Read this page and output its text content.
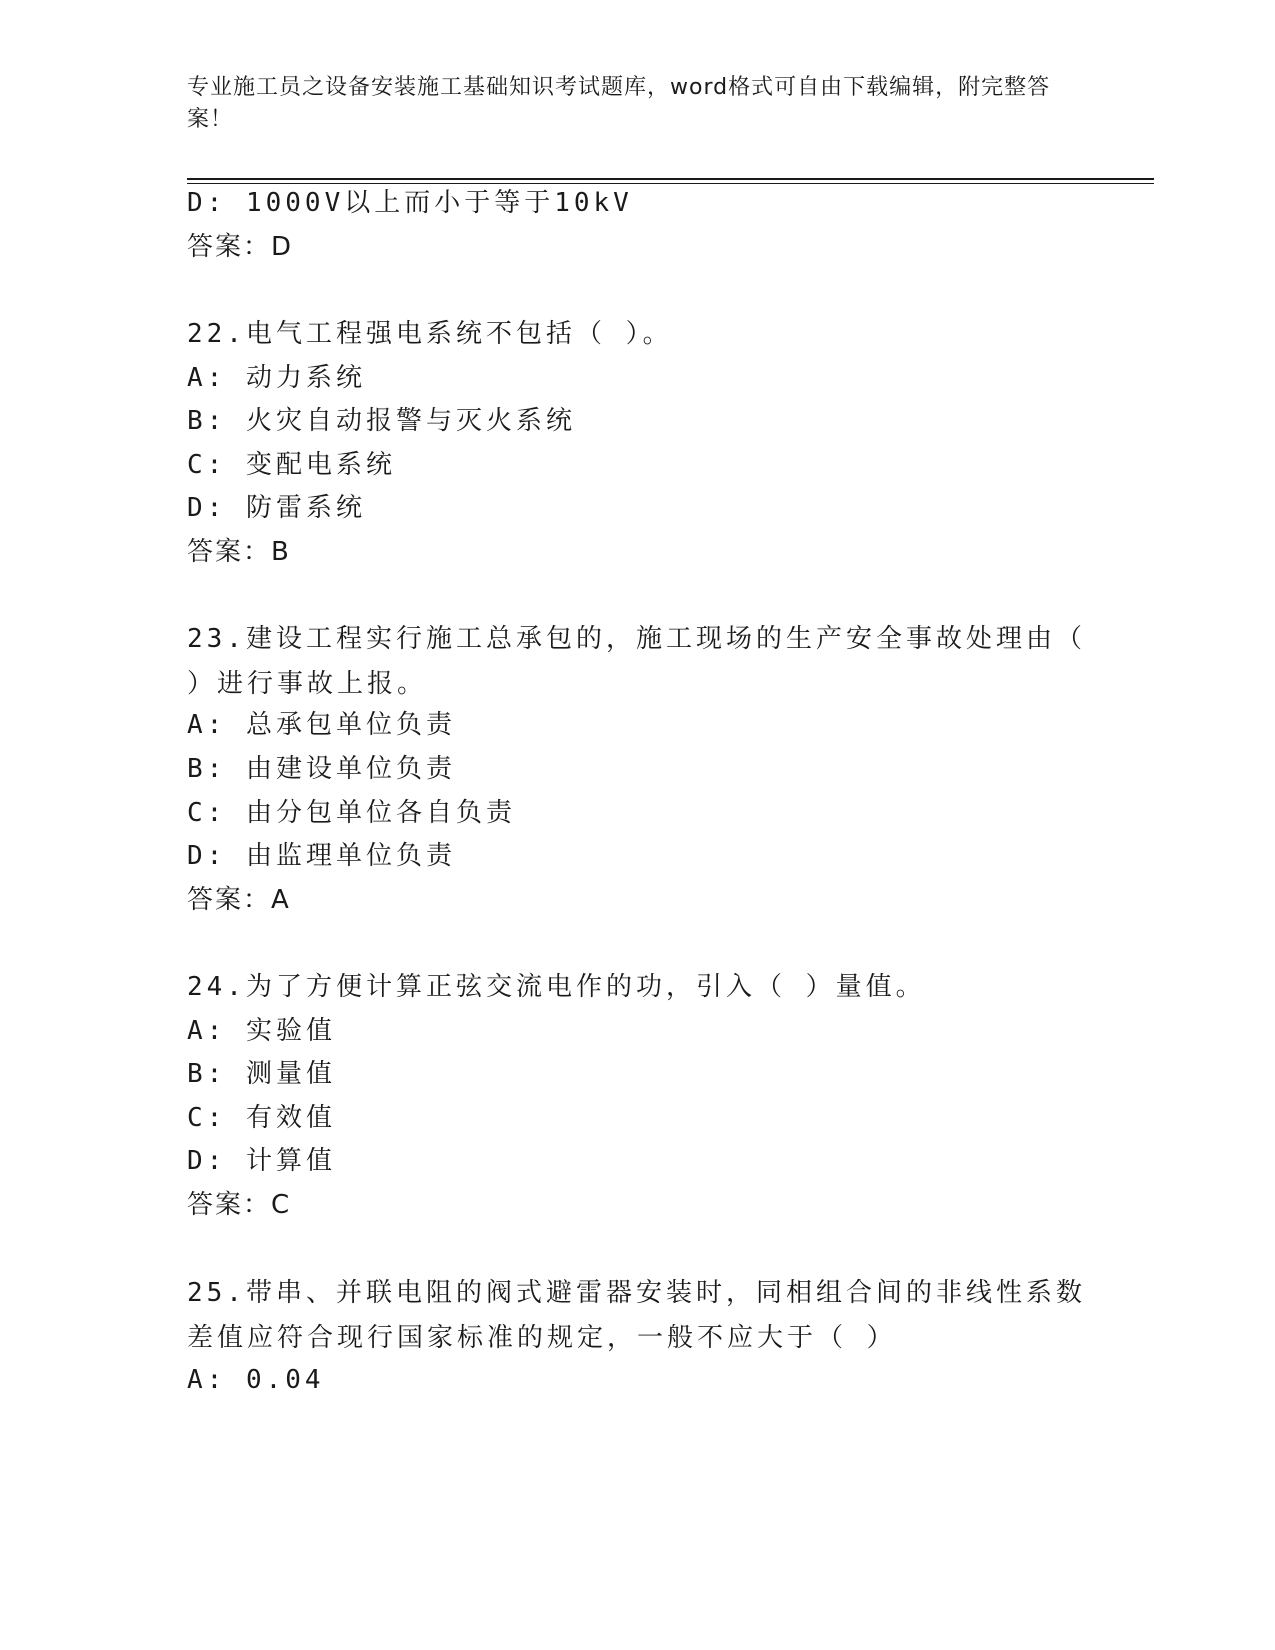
专业施工员之设备安装施工基础知识考试题库，word格式可自由下载编辑，附完整答案！
D: 1000V以上而小于等于10kV
答案：D
22.电气工程强电系统不包括（ ）。
A: 动力系统
B: 火灾自动报警与灭火系统
C: 变配电系统
D: 防雷系统
答案：B
23.建设工程实行施工总承包的，施工现场的生产安全事故处理由（ ）进行事故上报。
A: 总承包单位负责
B: 由建设单位负责
C: 由分包单位各自负责
D: 由监理单位负责
答案：A
24.为了方便计算正弦交流电作的功，引入（ ）量值。
A: 实验值
B: 测量值
C: 有效值
D: 计算值
答案：C
25.带串、并联电阻的阀式避雷器安装时，同相组合间的非线性系数差值应符合现行国家标准的规定，一般不应大于（ ）
A: 0.04
